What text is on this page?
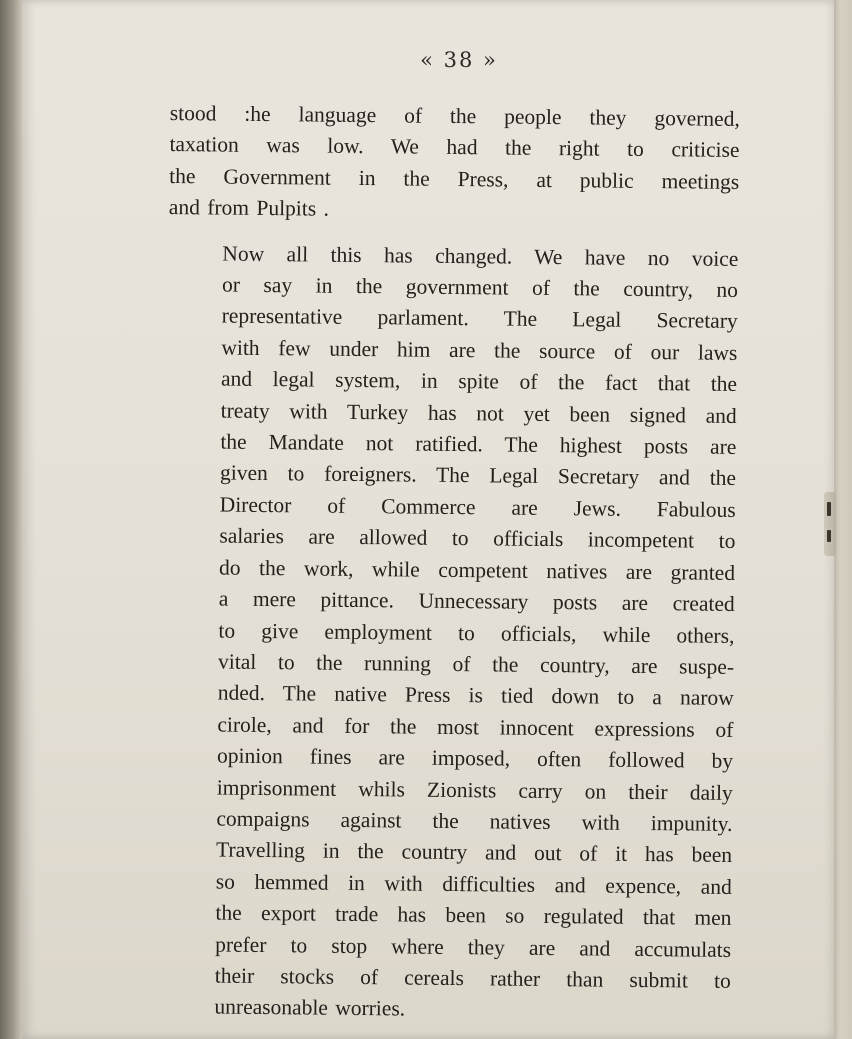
« 38 »

stood :he language of the people they governed,
taxation was low. We had the right to criticise
the Government in the Press, at public meetings
and from Pulpits .

Now all this has changed. We have no voice
or say in the government of the country, no
representative parlament. The Legal Secretary
with few under him are the source of our laws
and legal system, in spite of the fact that the
treaty with Turkey has not yet been signed and
the Mandate not ratified. The highest posts are
given to foreigners. The Legal Secretary and the
Director of Commerce are Jews. Fabulous
salaries are allowed to officials incompetent to
do the work, while competent natives are granted
a mere pittance. Unnecessary posts are created
to give employment to officials, while others,
vital to the running of the country, are suspe-
nded. The native Press is tied down to a narow
cirole, and for the most innocent expressions of
opinion fines are imposed, often followed by
imprisonment whils Zionists carry on their daily
compaigns against the natives with impunity.
Travelling in the country and out of it has been
so hemmed in with difficulties and expence, and
the export trade has been so regulated that men
prefer to stop where they are and accumulats
their stocks of cereals rather than submit to
unreasonable worries.
